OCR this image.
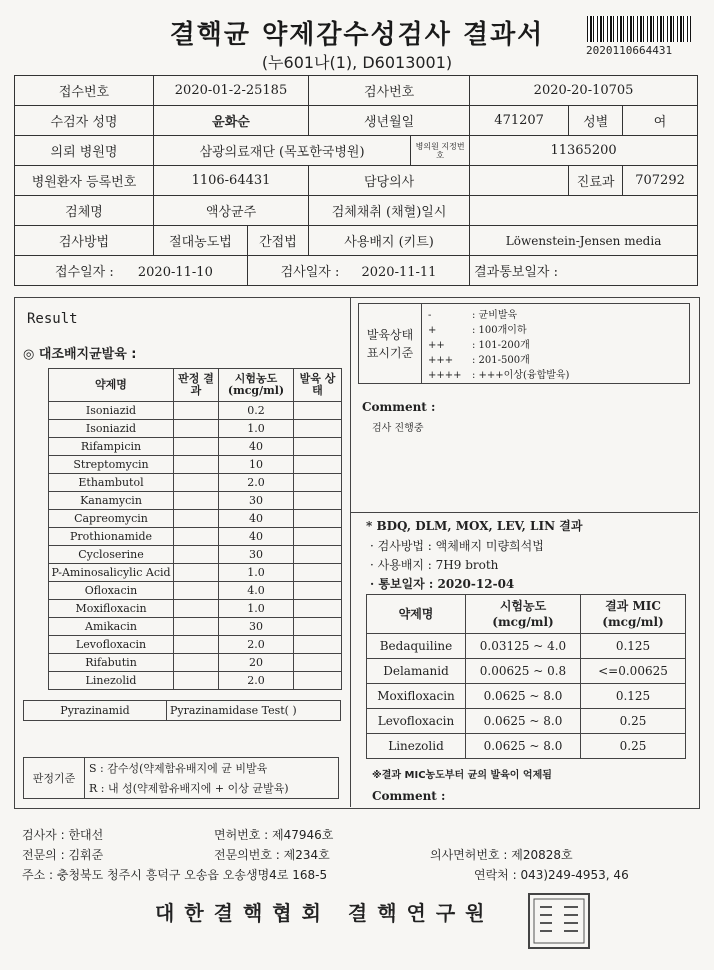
결핵균 약제감수성검사 결과서
(누601나(1), D6013001)
2020110664431
접수번호	2020-01-2-25185		검사번호		2020-20-10705		
수검자 성명	윤화순		생년월일		471207	성별	여
의뢰 병원명	삼광의료재단 (목포한국병원)			병의원 지정번호	11365200		
병원환자 등록번호	1106-64431		담당의사			진료과	707292
검체명	액상균주		검체채취 (채혈)일시				
검사방법	절대농도법	간접법	사용배지 (키트)		Löwenstein-Jensen media		
접수일자 : 2020-11-10		검사일자 : 2020-11-11			결과통보일자 :		
Result
◎ 대조배지균발육 :
약제명	판정 결과	시험농도 (mcg/ml)	발육 상태
Isoniazid		0.2	
Isoniazid		1.0	
Rifampicin		40	
Streptomycin		10	
Ethambutol		2.0	
Kanamycin		30	
Capreomycin		40	
Prothionamide		40	
Cycloserine		30	
P-Aminosalicylic Acid		1.0	
Ofloxacin		4.0	
Moxifloxacin		1.0	
Amikacin		30	
Levofloxacin		2.0	
Rifabutin		20	
Linezolid		2.0	
Pyrazinamid	Pyrazinamidase Test( )
판정기준	S : 감수성(약제함유배지에 균 비발육
R : 내 성(약제함유배지에 + 이상 균발육)
발육상태 표시기준	
-	: 균비발육
+	: 100개이하
++	: 101-200개
+++ : 201-500개
++++ : +++이상(융합발육)
Comment :
검사 진행중
* BDQ, DLM, MOX, LEV, LIN 결과
· 검사방법 : 액체배지 미량희석법
· 사용배지 : 7H9 broth
· 통보일자 : 2020-12-04
약제명	시험농도 (mcg/ml)	결과 MIC (mcg/ml)
Bedaquiline	0.03125 ~ 4.0	0.125
Delamanid	0.00625 ~ 0.8	<=0.00625
Moxifloxacin	0.0625 ~ 8.0	0.125
Levofloxacin	0.0625 ~ 8.0	0.25
Linezolid	0.0625 ~ 8.0	0.25
※결과 MIC농도부터 균의 발육이 억제됨
Comment :
검사자 : 한대선	면허번호 : 제47946호
전문의 : 김휘준	전문의번호 : 제234호	의사면허번호 : 제20828호
주소 : 충청북도 청주시 흥덕구 오송읍 오송생명4로 168-5	연락처 : 043)249-4953, 46
대한결핵협회 결핵연구원
